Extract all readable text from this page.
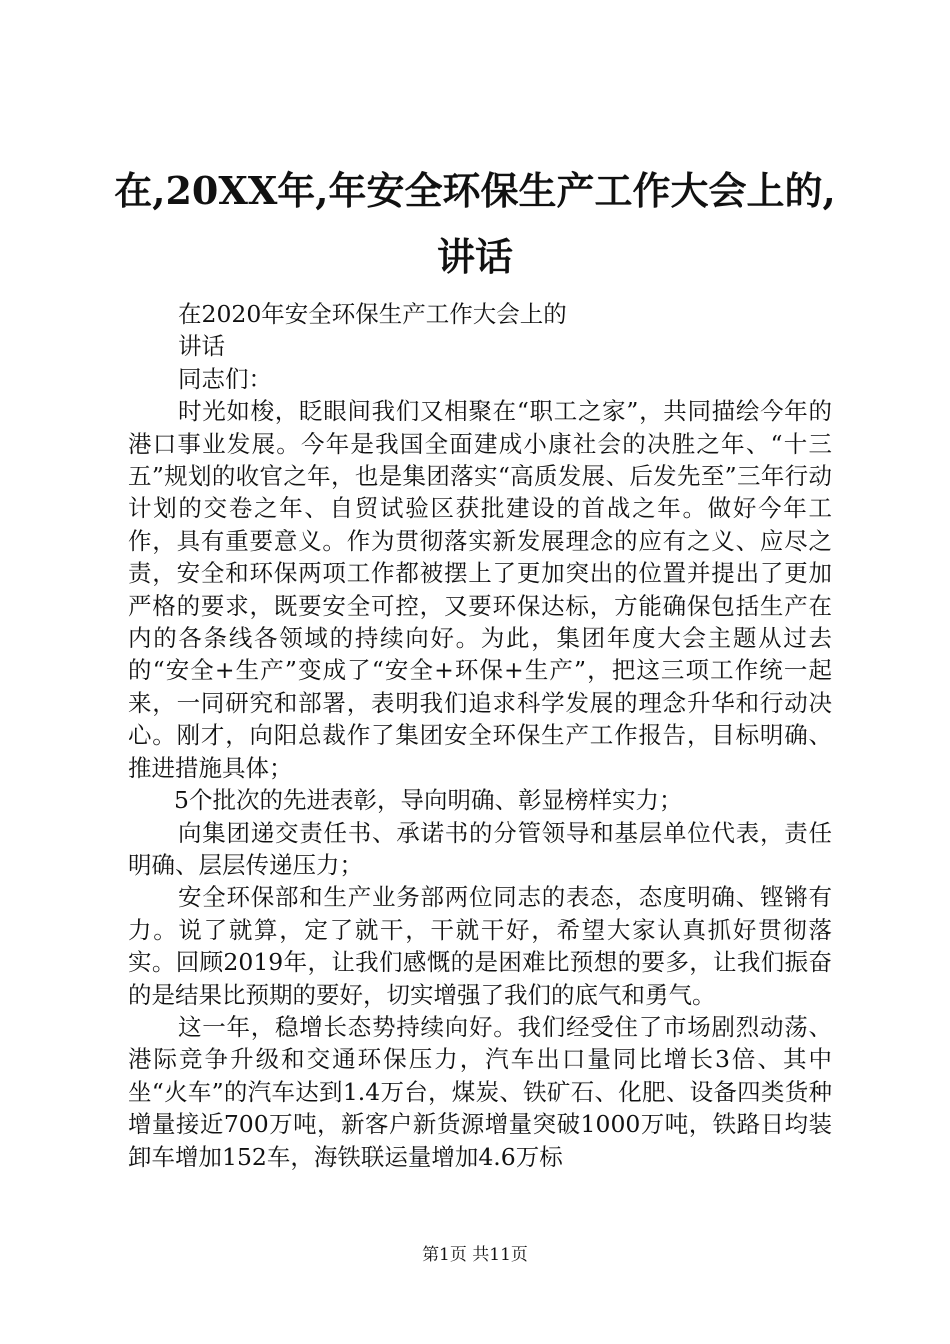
在,20XX年,年安全环保生产工作大会上的,讲话

在2020年安全环保生产工作大会上的

讲话

同志们：

时光如梭，眨眼间我们又相聚在“职工之家”，共同描绘今年的港口事业发展。今年是我国全面建成小康社会的决胜之年、“十三五”规划的收官之年，也是集团落实“高质发展、后发先至”三年行动计划的交卷之年、自贸试验区获批建设的首战之年。做好今年工作，具有重要意义。作为贯彻落实新发展理念的应有之义、应尽之责，安全和环保两项工作都被摆上了更加突出的位置并提出了更加严格的要求，既要安全可控，又要环保达标，方能确保包括生产在内的各条线各领域的持续向好。为此，集团年度大会主题从过去的“安全+生产”变成了“安全+环保+生产”，把这三项工作统一起来，一同研究和部署，表明我们追求科学发展的理念升华和行动决心。刚才，向阳总裁作了集团安全环保生产工作报告，目标明确、推进措施具体；

5个批次的先进表彰，导向明确、彰显榜样实力；

向集团递交责任书、承诺书的分管领导和基层单位代表，责任明确、层层传递压力；

安全环保部和生产业务部两位同志的表态，态度明确、铿锵有力。说了就算，定了就干，干就干好，希望大家认真抓好贯彻落实。回顾2019年，让我们感慨的是困难比预想的要多，让我们振奋的是结果比预期的要好，切实增强了我们的底气和勇气。

这一年，稳增长态势持续向好。我们经受住了市场剧烈动荡、港际竞争升级和交通环保压力，汽车出口量同比增长3倍、其中坐“火车”的汽车达到1.4万台，煤炭、铁矿石、化肥、设备四类货种增量接近700万吨，新客户新货源增量突破1000万吨，铁路日均装卸车增加152车，海铁联运量增加4.6万标

第1页 共11页
